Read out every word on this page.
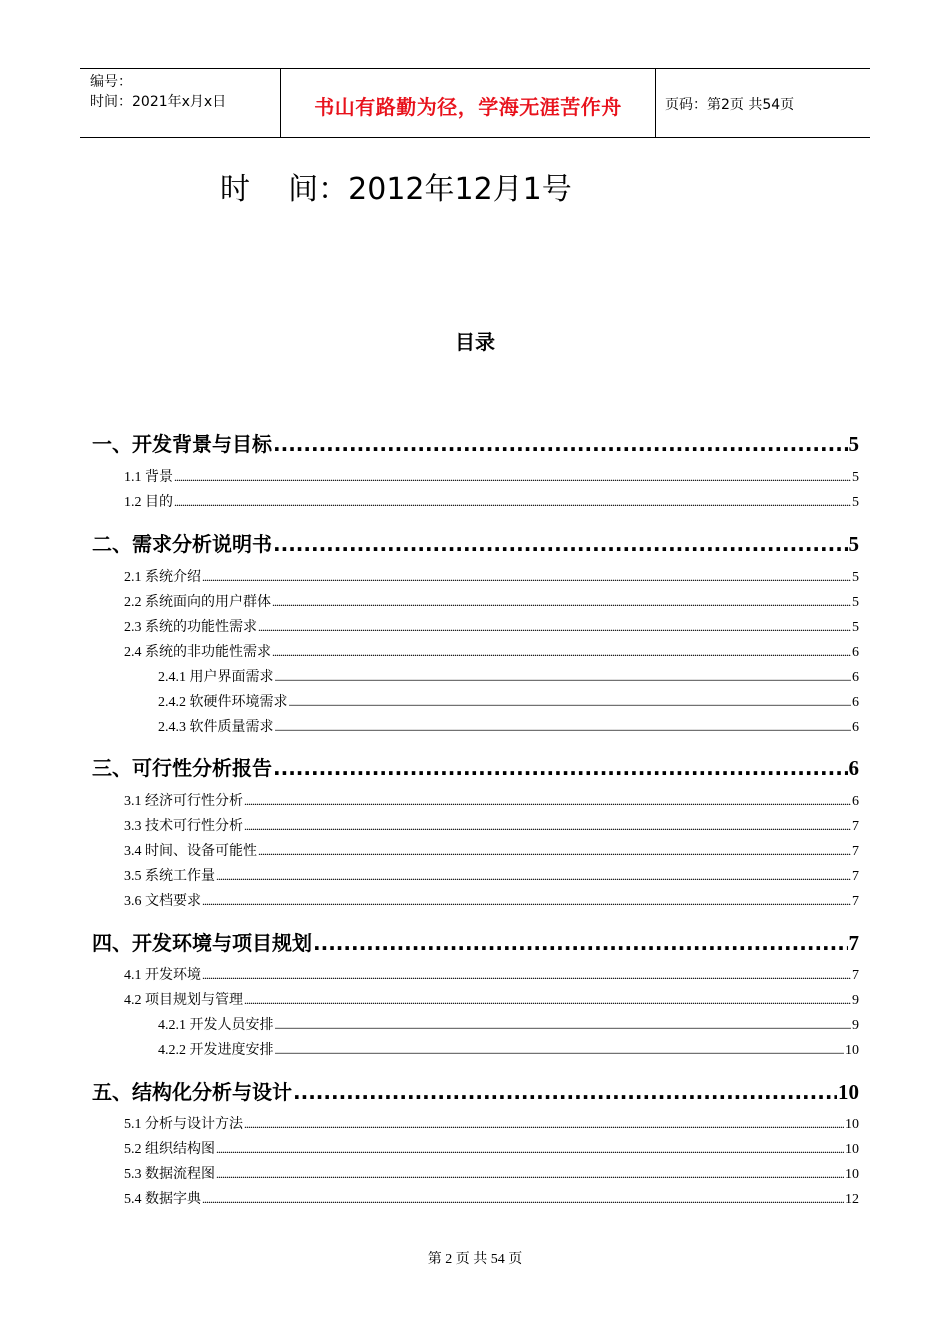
编号：
时间：2021年x月x日	书山有路勤为径，学海无涯苦作舟	页码：第2页 共54页
时    间：2012年12月1号
目录
一、开发背景与目标 .....	5
1.1 背景 .....	5
1.2 目的 .....	5
二、需求分析说明书 .....	5
2.1 系统介绍 .....	5
2.2 系统面向的用户群体 .....	5
2.3 系统的功能性需求 .....	5
2.4 系统的非功能性需求 .....	6
2.4.1 用户界面需求 .....	6
2.4.2 软硬件环境需求 .....	6
2.4.3 软件质量需求 .....	6
三、可行性分析报告 .....	6
3.1 经济可行性分析 .....	6
3.3 技术可行性分析 .....	7
3.4 时间、设备可能性 .....	7
3.5 系统工作量 .....	7
3.6 文档要求 .....	7
四、开发环境与项目规划 .....	7
4.1 开发环境 .....	7
4.2 项目规划与管理 .....	9
4.2.1 开发人员安排 .....	9
4.2.2 开发进度安排 .....	10
五、结构化分析与设计 .....	10
5.1 分析与设计方法 .....	10
5.2 组织结构图 .....	10
5.3 数据流程图 .....	10
5.4 数据字典 .....	12
第 2 页 共 54 页
